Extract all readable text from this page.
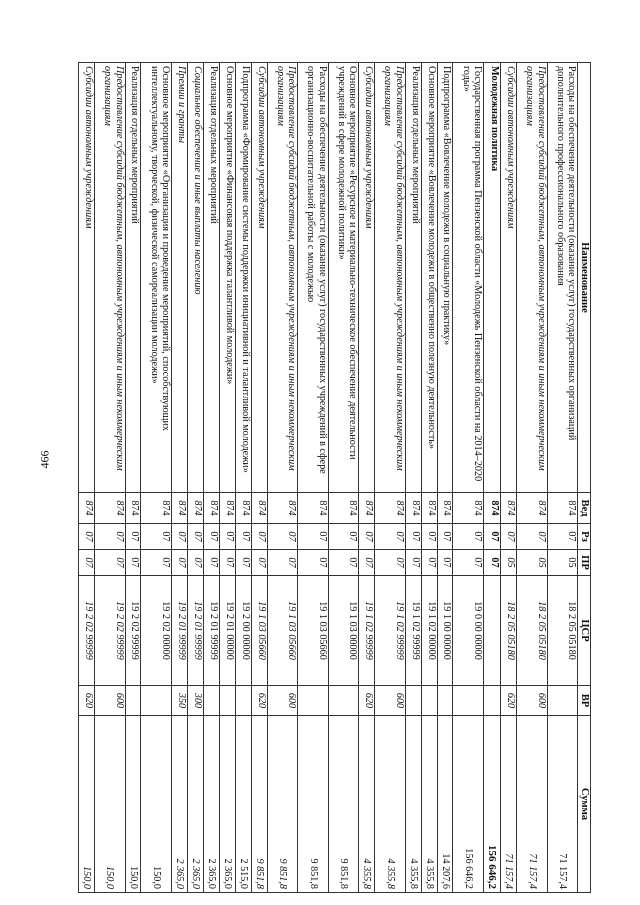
466
Наименование	Вед	Рз	ПР	ЦСР	ВР	Сумма
Расходы на обеспечение деятельности (оказание услуг) государственных организаций дополнительного профессионального образования	874	07	05	18 2 05 05180		71 157,4
Предоставление субсидий бюджетным, автономным учреждениям и иным некоммерческим организациям	874	07	05	18 2 05 05180	600	71 157,4
Субсидии автономным учреждениям	874	07	05	18 2 05 05180	620	71 157,4
Молодежная политика	874	07	07			156 646,2
Государственная программа Пензенской области «Молодежь Пензенской области на 2014–2020 годы»	874	07	07	19 0 00 00000		156 646,2
Подпрограмма «Вовлечение молодежи в социальную практику»	874	07	07	19 1 00 00000		14 207,6
Основное мероприятие «Вовлечение молодежи в общественно полезную деятельность»	874	07	07	19 1 02 00000		4 355,8
Реализация отдельных мероприятий	874	07	07	19 1 02 99999		4 355,8
Предоставление субсидий бюджетным, автономным учреждениям и иным некоммерческим организациям	874	07	07	19 1 02 99999	600	4 355,8
Субсидии автономным учреждениям	874	07	07	19 1 02 99999	620	4 355,8
Основное мероприятие «Ресурсное и материально-техническое обеспечение деятельности учреждений в сфере молодежной политики»	874	07	07	19 1 03 00000		9 851,8
Расходы на обеспечение деятельности (оказание услуг) государственных учреждений в сфере организационно-воспитательной работы с молодежью	874	07	07	19 1 03 05660		9 851,8
Предоставление субсидий бюджетным, автономным учреждениям и иным некоммерческим организациям	874	07	07	19 1 03 05660	600	9 851,8
Субсидии автономным учреждениям	874	07	07	19 1 03 05660	620	9 851,8
Подпрограмма «Формирование системы поддержки инициативной и талантливой молодежи»	874	07	07	19 2 00 00000		2 515,0
Основное мероприятие «Финансовая поддержка талантливой молодежи»	874	07	07	19 2 01 00000		2 365,0
Реализация отдельных мероприятий	874	07	07	19 2 01 99999		2 365,0
Социальное обеспечение и иные выплаты населению	874	07	07	19 2 01 99999	300	2 365,0
Премии и гранты	874	07	07	19 2 01 99999	350	2 365,0
Основное мероприятие «Организация и проведение мероприятий, способствующих интеллектуальному, творческой, физической самореализации молодежи»	874	07	07	19 2 02 00000		150,0
Реализация отдельных мероприятий	874	07	07	19 2 02 99999		150,0
Предоставление субсидий бюджетным, автономным учреждениям и иным некоммерческим организациям	874	07	07	19 2 02 99999	600	150,0
Субсидии автономным учреждениям	874	07	07	19 2 02 99999	620	150,0
